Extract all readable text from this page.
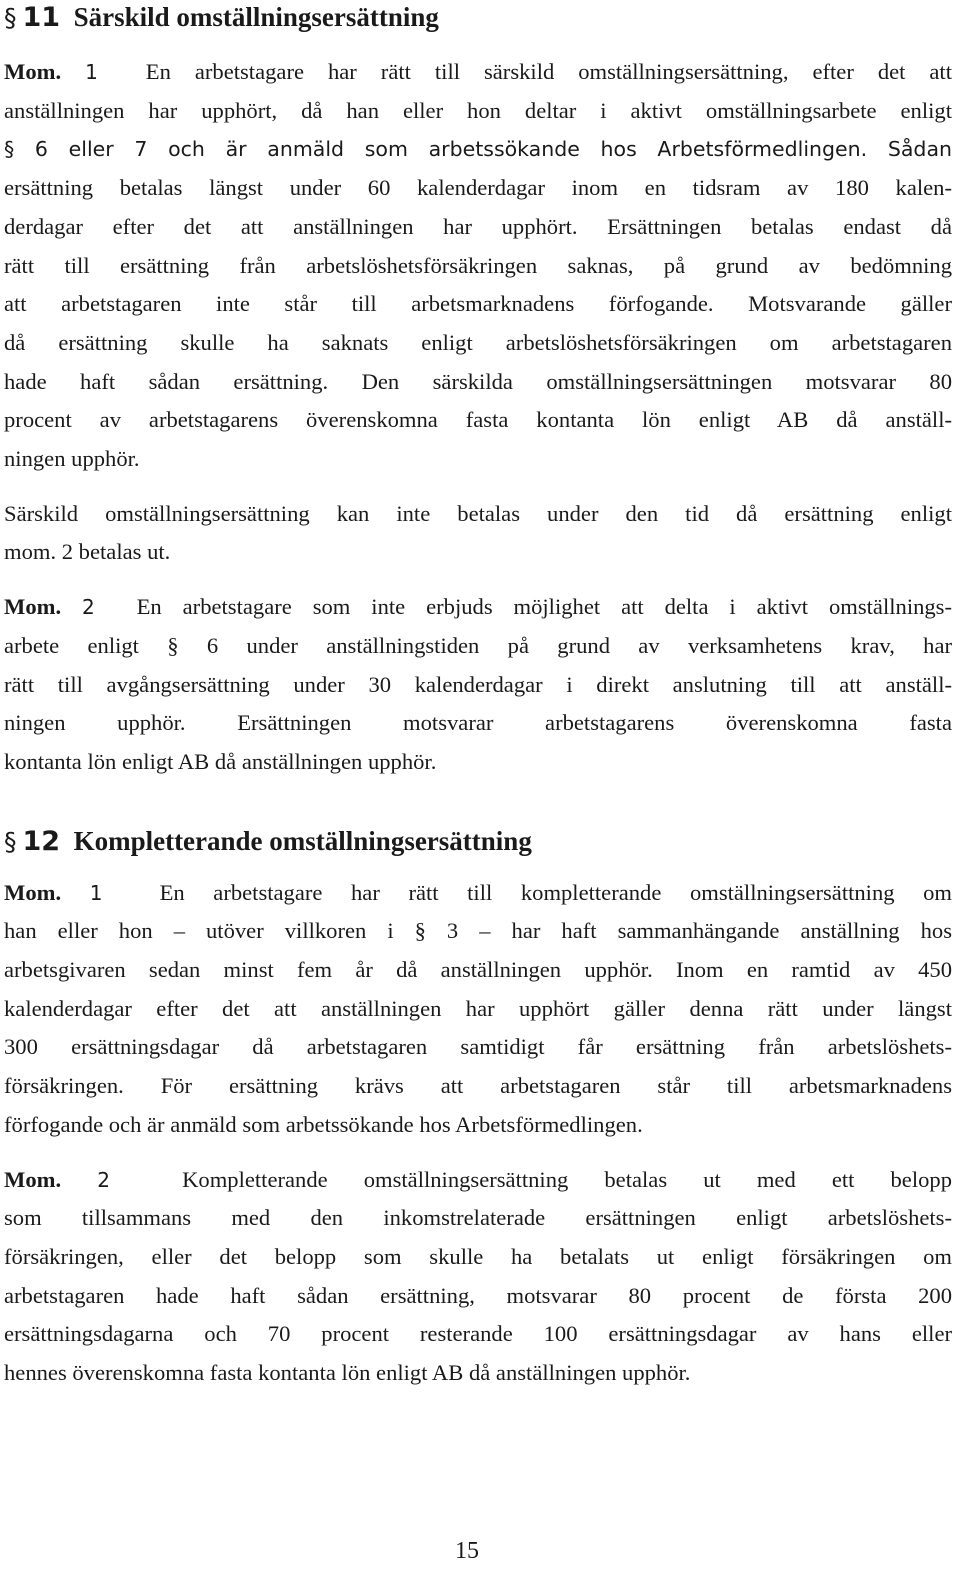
§ 11 Särskild omställningsersättning

Mom. 1 En arbetstagare har rätt till särskild omställningsersättning, efter det att
anställningen har upphört, då han eller hon deltar i aktivt omställningsarbete enligt
§ 6 eller 7 och är anmäld som arbetssökande hos Arbetsförmedlingen. Sådan
ersättning betalas längst under 60 kalenderdagar inom en tidsram av 180 kalen-
derdagar efter det att anställningen har upphört. Ersättningen betalas endast då
rätt till ersättning från arbetslöshetsförsäkringen saknas, på grund av bedömning
att arbetstagaren inte står till arbetsmarknadens förfogande. Motsvarande gäller
då ersättning skulle ha saknats enligt arbetslöshetsförsäkringen om arbetstagaren
hade haft sådan ersättning. Den särskilda omställningsersättningen motsvarar 80
procent av arbetstagarens överenskomna fasta kontanta lön enligt AB då anställ-
ningen upphör.

Särskild omställningsersättning kan inte betalas under den tid då ersättning enligt
mom. 2 betalas ut.

Mom. 2 En arbetstagare som inte erbjuds möjlighet att delta i aktivt omställnings-
arbete enligt § 6 under anställningstiden på grund av verksamhetens krav, har
rätt till avgångsersättning under 30 kalenderdagar i direkt anslutning till att anställ-
ningen upphör. Ersättningen motsvarar arbetstagarens överenskomna fasta
kontanta lön enligt AB då anställningen upphör.

§ 12 Kompletterande omställningsersättning

Mom. 1	En arbetstagare har rätt till kompletterande omställningsersättning om
han eller hon – utöver villkoren i § 3 – har haft sammanhängande anställning hos
arbetsgivaren sedan minst fem år då anställningen upphör. Inom en ramtid av 450
kalenderdagar efter det att anställningen har upphört gäller denna rätt under längst
300 ersättningsdagar då arbetstagaren samtidigt får ersättning från arbetslöshets-
försäkringen. För ersättning krävs att arbetstagaren står till arbetsmarknadens
förfogande och är anmäld som arbetssökande hos Arbetsförmedlingen.

Mom. 2	Kompletterande omställningsersättning betalas ut med ett belopp
som tillsammans med den inkomstrelaterade ersättningen enligt arbetslöshets-
försäkringen, eller det belopp som skulle ha betalats ut enligt försäkringen om
arbetstagaren hade haft sådan ersättning, motsvarar 80 procent de första 200
ersättningsdagarna och 70 procent resterande 100 ersättningsdagar av hans eller
hennes överenskomna fasta kontanta lön enligt AB då anställningen upphör.

15
